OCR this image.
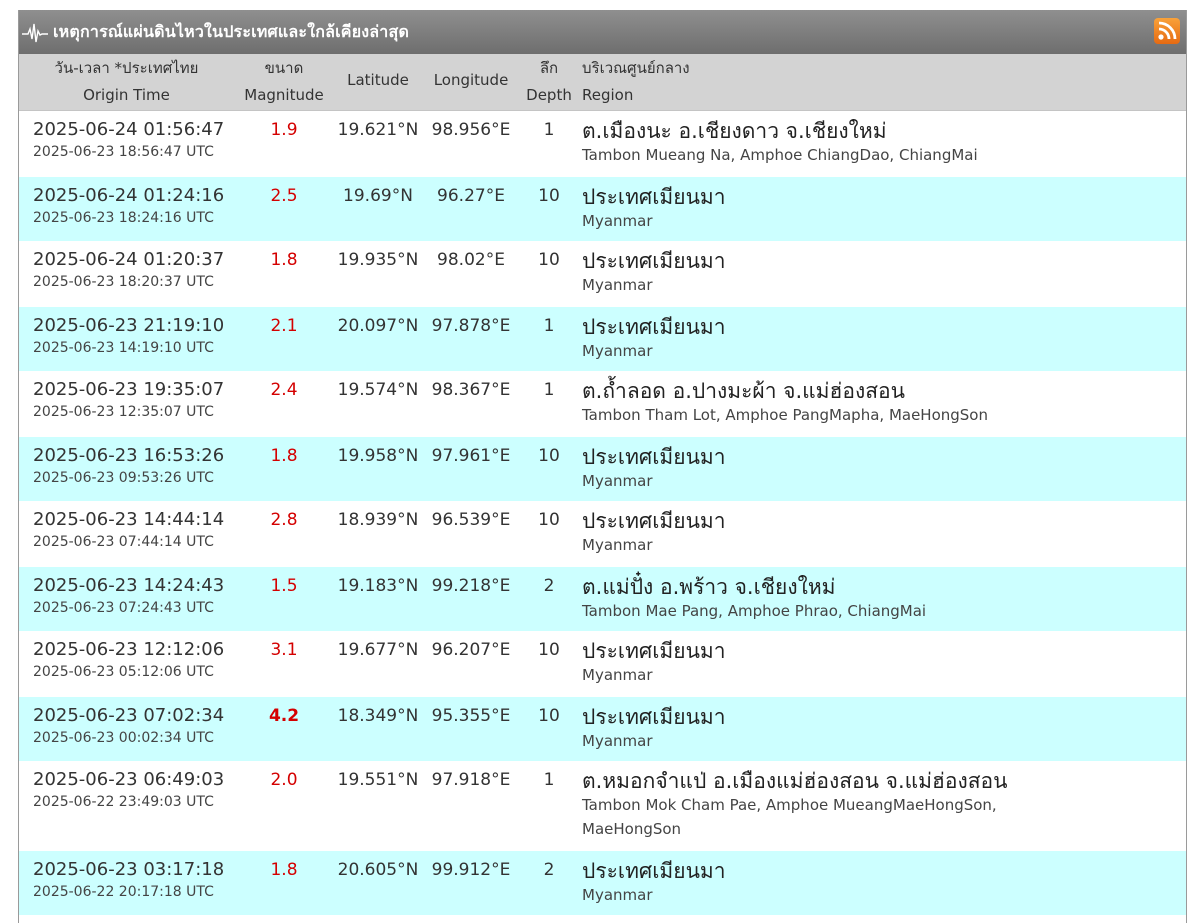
เหตุการณ์แผ่นดินไหวในประเทศและใกล้เคียงล่าสุด
วัน-เวลา *ประเทศไทย
Origin Time
ขนาด
Magnitude
Latitude	Longitude
ลึก
Depth
บริเวณศูนย์กลาง
Region
2025-06-24 01:56:47
2025-06-23 18:56:47 UTC
1.9	19.621°N 98.956°E	1	ต.เมืองนะ อ.เชียงดาว จ.เชียงใหม่
Tambon Mueang Na, Amphoe ChiangDao, ChiangMai
2025-06-24 01:24:16
2025-06-23 18:24:16 UTC
2.5	19.69°N	96.27°E	10	ประเทศเมียนมา
Myanmar
2025-06-24 01:20:37
2025-06-23 18:20:37 UTC
1.8	19.935°N	98.02°E	10	ประเทศเมียนมา
Myanmar
2025-06-23 21:19:10
2025-06-23 14:19:10 UTC
2.1	20.097°N 97.878°E	1	ประเทศเมียนมา
Myanmar
2025-06-23 19:35:07
2025-06-23 12:35:07 UTC
2.4	19.574°N 98.367°E	1	ต.ถ้ำลอด อ.ปางมะผ้า จ.แม่ฮ่องสอน
Tambon Tham Lot, Amphoe PangMapha, MaeHongSon
2025-06-23 16:53:26
2025-06-23 09:53:26 UTC
1.8	19.958°N 97.961°E	10	ประเทศเมียนมา
Myanmar
2025-06-23 14:44:14
2025-06-23 07:44:14 UTC
2.8	18.939°N 96.539°E	10	ประเทศเมียนมา
Myanmar
2025-06-23 14:24:43
2025-06-23 07:24:43 UTC
1.5	19.183°N 99.218°E	2	ต.แม่ปั๋ง อ.พร้าว จ.เชียงใหม่
Tambon Mae Pang, Amphoe Phrao, ChiangMai
2025-06-23 12:12:06
2025-06-23 05:12:06 UTC
3.1	19.677°N 96.207°E	10	ประเทศเมียนมา
Myanmar
2025-06-23 07:02:34
2025-06-23 00:02:34 UTC
4.2	18.349°N 95.355°E	10	ประเทศเมียนมา
Myanmar
2025-06-23 06:49:03
2025-06-22 23:49:03 UTC
2.0	19.551°N 97.918°E	1	ต.หมอกจำแป่ อ.เมืองแม่ฮ่องสอน จ.แม่ฮ่องสอน
Tambon Mok Cham Pae, Amphoe MueangMaeHongSon, MaeHongSon
2025-06-23 03:17:18
2025-06-22 20:17:18 UTC
1.8	20.605°N 99.912°E	2	ประเทศเมียนมา
Myanmar
